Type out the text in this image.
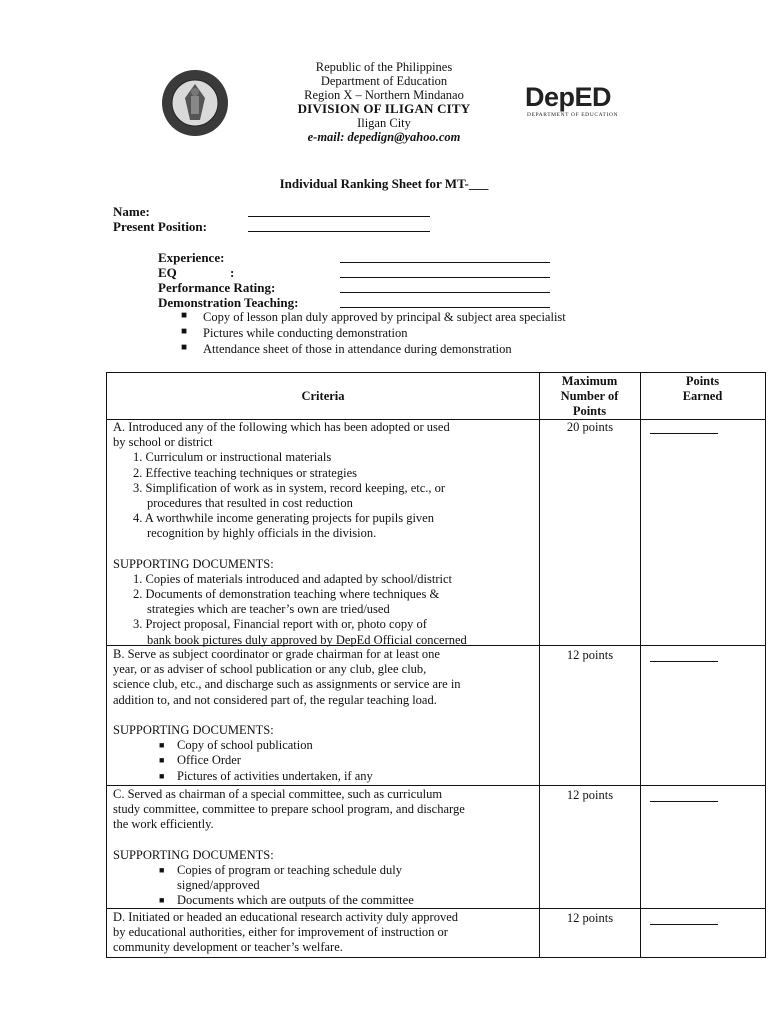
Republic of the Philippines
Department of Education
Region X – Northern Mindanao
DIVISION OF ILIGAN CITY
Iligan City
e-mail: depedign@yahoo.com
DepED
DEPARTMENT OF EDUCATION
Individual Ranking Sheet for MT-___
Name:
Present Position:
Experience:
EQ	:
Performance Rating:
Demonstration Teaching:
■ Copy of lesson plan duly approved by principal & subject area specialist
■ Pictures while conducting demonstration
■ Attendance sheet of those in attendance during demonstration
Criteria
Maximum
Number of
Points
Points
Earned
A. Introduced any of the following which has been adopted or used
by school or district
1. Curriculum or instructional materials
2. Effective teaching techniques or strategies
3. Simplification of work as in system, record keeping, etc., or
procedures that resulted in cost reduction
4. A worthwhile income generating projects for pupils given
recognition by highly officials in the division.
SUPPORTING DOCUMENTS:
1. Copies of materials introduced and adapted by school/district
2. Documents of demonstration teaching where techniques &
strategies which are teacher’s own are tried/used
3. Project proposal, Financial report with or, photo copy of
bank book pictures duly approved by DepEd Official concerned
20 points
B. Serve as subject coordinator or grade chairman for at least one
year, or as adviser of school publication or any club, glee club,
science club, etc., and discharge such as assignments or service are in
addition to, and not considered part of, the regular teaching load.
SUPPORTING DOCUMENTS:
■ Copy of school publication
■ Office Order
■ Pictures of activities undertaken, if any
12 points
C. Served as chairman of a special committee, such as curriculum
study committee, committee to prepare school program, and discharge
the work efficiently.
SUPPORTING DOCUMENTS:
■ Copies of program or teaching schedule duly
signed/approved
■ Documents which are outputs of the committee
12 points
D. Initiated or headed an educational research activity duly approved
by educational authorities, either for improvement of instruction or
community development or teacher’s welfare.
12 points
